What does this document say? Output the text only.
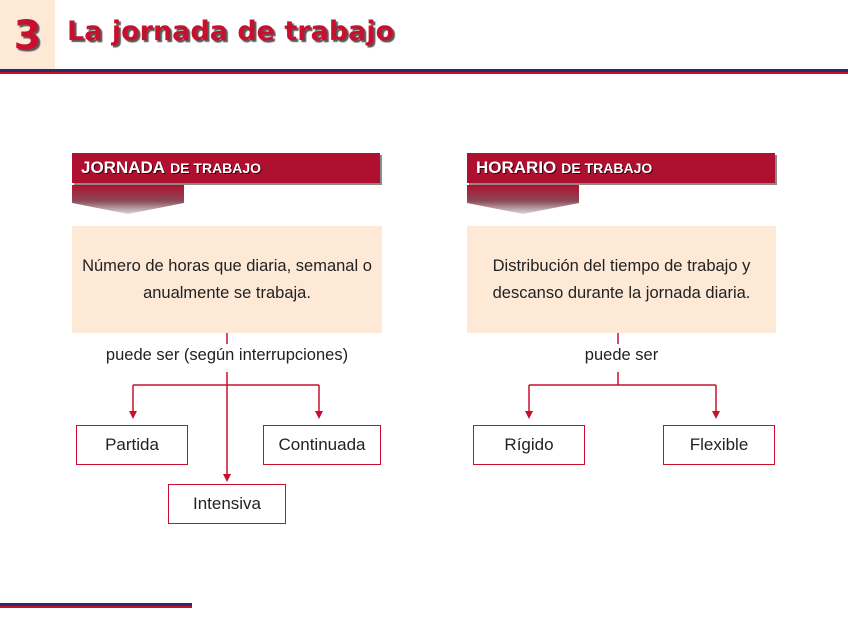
3 La jornada de trabajo
JORNADA DE TRABAJO
Número de horas que diaria, semanal o anualmente se trabaja.
puede ser (según interrupciones)
Partida	Continuada
Intensiva
HORARIO DE TRABAJO
Distribución del tiempo de trabajo y descanso durante la jornada diaria.
puede ser
Rígido	Flexible
